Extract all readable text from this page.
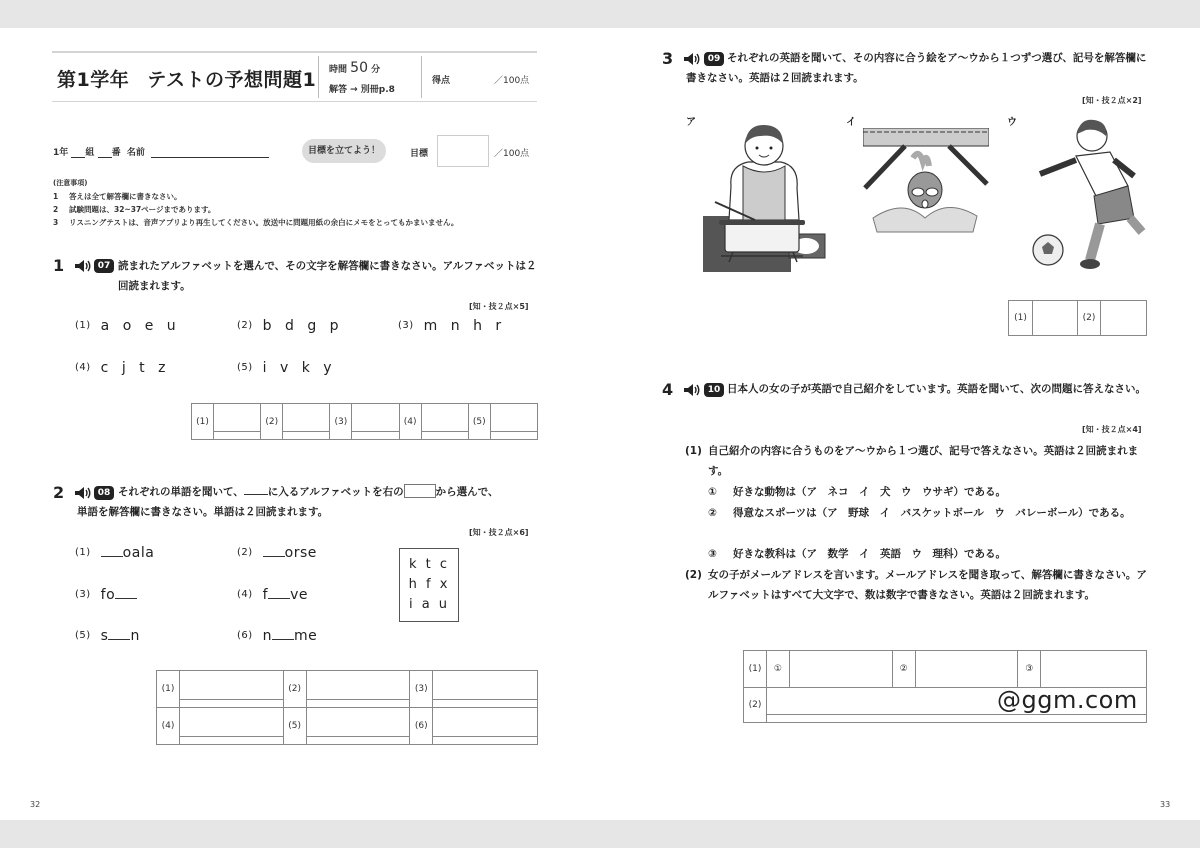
第1学年 テストの予想問題1 時間 50 分
解答 → 別冊p.8
得点	／100点
1年 組 番 名前	目標を立てよう！	目標	／100点
(注意事項)
1 答えは全て解答欄に書きなさい。
2 試験問題は、32~37ページまであります。
3 リスニングテストは、音声アプリより再生してください。放送中に問題用紙の余白にメモをとってもかまいません。
1	07 読まれたアルファベットを選んで、その文字を解答欄に書きなさい。アルファベットは２回読まれます。
[知・技２点×5]
(1) a o e u	(2) b d g p	(3) m n h r
(4) c j t z	(5) i v k y
(1)		(2)		(3)		(4)		(5)	
2	08 それぞれの単語を聞いて、 に入るアルファベットを右の	から選んで、
単語を解答欄に書きなさい。単語は２回読まれます。
[知・技２点×6]
(1) oala	(2) orse
(3) fo	(4) f ve
(5) s n	(6) n me
k t c
h f x
i a u
(1)		(2)		(3)	

(4)		(5)		(6)	
32
3	09 それぞれの英語を聞いて、その内容に合う絵をア～ウから１つずつ選び、記号を解答欄に書きなさい。英語は２回読まれます。
[知・技２点×2]
ア	イ	ウ
(1)		(2)	
4	10 日本人の女の子が英語で自己紹介をしています。英語を聞いて、次の問題に答えなさい。
[知・技２点×4]
(1) 自己紹介の内容に合うものをア～ウから１つ選び、記号で答えなさい。英語は２回読まれます。
① 好きな動物は（ア　ネコ　イ　犬　ウ　ウサギ）である。
② 得意なスポーツは（ア　野球　イ　バスケットボール　ウ　バレーボール）である。
③ 好きな教科は（ア　数学　イ　英語　ウ　理科）である。
(2) 女の子がメールアドレスを言います。メールアドレスを聞き取って、解答欄に書きなさい。アルファベットはすべて大文字で、数は数字で書きなさい。英語は２回読まれます。
(1)	①		②		③	
(2)							@ggm.com
33
